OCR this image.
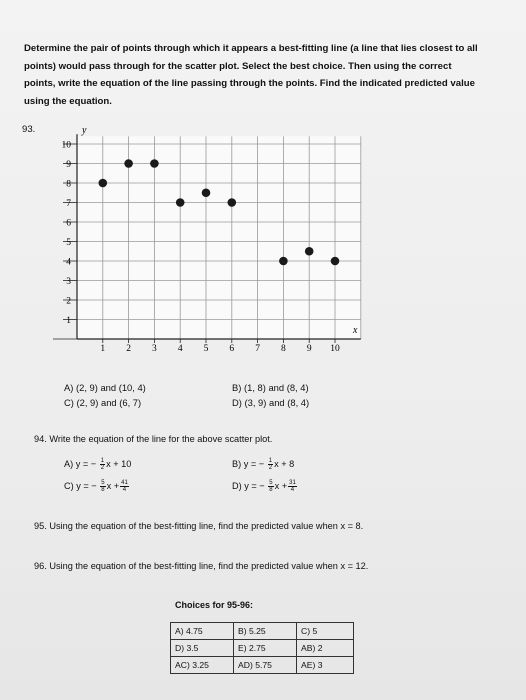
Determine the pair of points through which it appears a best-fitting line (a line that lies closest to all points) would pass through for the scatter plot. Select the best choice. Then using the correct points, write the equation of the line passing through the points. Find the indicated predicted value using the equation.
93.
1
2
3
4
5
6
7
8
9
10
1 2 3 4 5 6 7 8 9 10
y
x
A) (2, 9) and (10, 4)
C) (2, 9) and (6, 7)
B) (1, 8) and (8, 4)
D) (3, 9) and (8, 4)
94. Write the equation of the line for the above scatter plot.
A) y = − $\frac{1}{2}$ x + 10
C) y = − $\frac{5}{8}$ $x + \frac{41}{4}$
B) y = − $\frac{1}{2}$ x + 8
D) y = − $\frac{5}{8}$ $x + \frac{31}{4}$
95. Using the equation of the best-fitting line, find the predicted value when x = 8.
96. Using the equation of the best-fitting line, find the predicted value when x = 12.
Choices for 95-96:
A) 4.75	B) 5.25	C) 5
D) 3.5	E) 2.75	AB) 2
AC) 3.25	AD) 5.75	AE) 3
